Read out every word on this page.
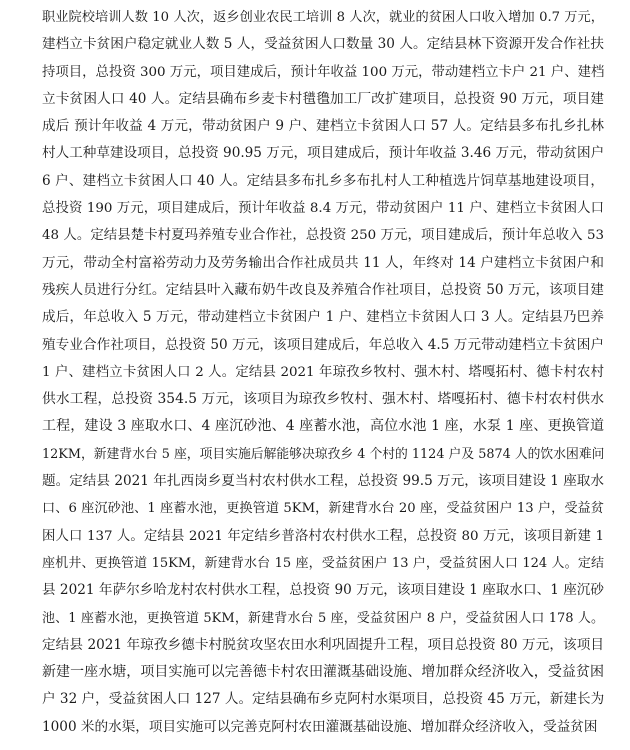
职业院校培训人数 10 人次，返乡创业农民工培训 8 人次，就业的贫困人口收入增加 0.7 万元，
建档立卡贫困户稳定就业人数 5 人，受益贫困人口数量 30 人。定结县林下资源开发合作社扶
持项目，总投资 300 万元，项目建成后，预计年收益 100 万元，带动建档立卡户 21 户、建档
立卡贫困人口 40 人。定结县确布乡麦卡村氆氇加工厂改扩建项目，总投资 90 万元，项目建
成后 预计年收益 4 万元，带动贫困户 9 户、建档立卡贫困人口 57 人。定结县多布扎乡扎林
村人工种草建设项目，总投资 90.95 万元，项目建成后，预计年收益 3.46 万元，带动贫困户
6 户、建档立卡贫困人口 40 人。定结县多布扎乡多布扎村人工种植选片饲草基地建设项目，
总投资 190 万元，项目建成后，预计年收益 8.4 万元，带动贫困户 11 户、建档立卡贫困人口
48 人。定结县楚卡村夏玛养殖专业合作社，总投资 250 万元，项目建成后，预计年总收入 53
万元，带动全村富裕劳动力及劳务输出合作社成员共 11 人，年终对 14 户建档立卡贫困户和
残疾人员进行分红。定结县叶入藏布奶牛改良及养殖合作社项目，总投资 50 万元，该项目建
成后，年总收入 5 万元，带动建档立卡贫困户 1 户、建档立卡贫困人口 3 人。定结县乃巴养
殖专业合作社项目，总投资 50 万元，该项目建成后，年总收入 4.5 万元带动建档立卡贫困户
1 户、建档立卡贫困人口 2 人。定结县 2021 年琼孜乡牧村、强木村、塔嘎拓村、德卡村农村
供水工程，总投资 354.5 万元，该项目为琼孜乡牧村、强木村、塔嘎拓村、德卡村农村供水
工程，建设 3 座取水口、4 座沉砂池、4 座蓄水池，高位水池 1 座，水泵 1 座、更换管道
12KM，新建背水台 5 座，项目实施后解能够决琼孜乡 4 个村的 1124 户及 5874 人的饮水困难问
题。定结县 2021 年扎西岗乡夏当村农村供水工程，总投资 99.5 万元，该项目建设 1 座取水
口、6 座沉砂池、1 座蓄水池，更换管道 5KM，新建背水台 20 座，受益贫困户 13 户，受益贫
困人口 137 人。定结县 2021 年定结乡普洛村农村供水工程，总投资 80 万元，该项目新建 1
座机井、更换管道 15KM，新建背水台 15 座，受益贫困户 13 户，受益贫困人口 124 人。定结
县 2021 年萨尔乡哈龙村农村供水工程，总投资 90 万元，该项目建设 1 座取水口、1 座沉砂
池、1 座蓄水池，更换管道 5KM，新建背水台 5 座，受益贫困户 8 户，受益贫困人口 178 人。
定结县 2021 年琼孜乡德卡村脱贫攻坚农田水利巩固提升工程，项目总投资 80 万元，该项目
新建一座水塘，项目实施可以完善德卡村农田灌溉基础设施、增加群众经济收入，受益贫困
户 32 户，受益贫困人口 127 人。定结县确布乡克阿村水渠项目，总投资 45 万元，新建长为
1000 米的水渠，项目实施可以完善克阿村农田灌溉基础设施、增加群众经济收入，受益贫困
